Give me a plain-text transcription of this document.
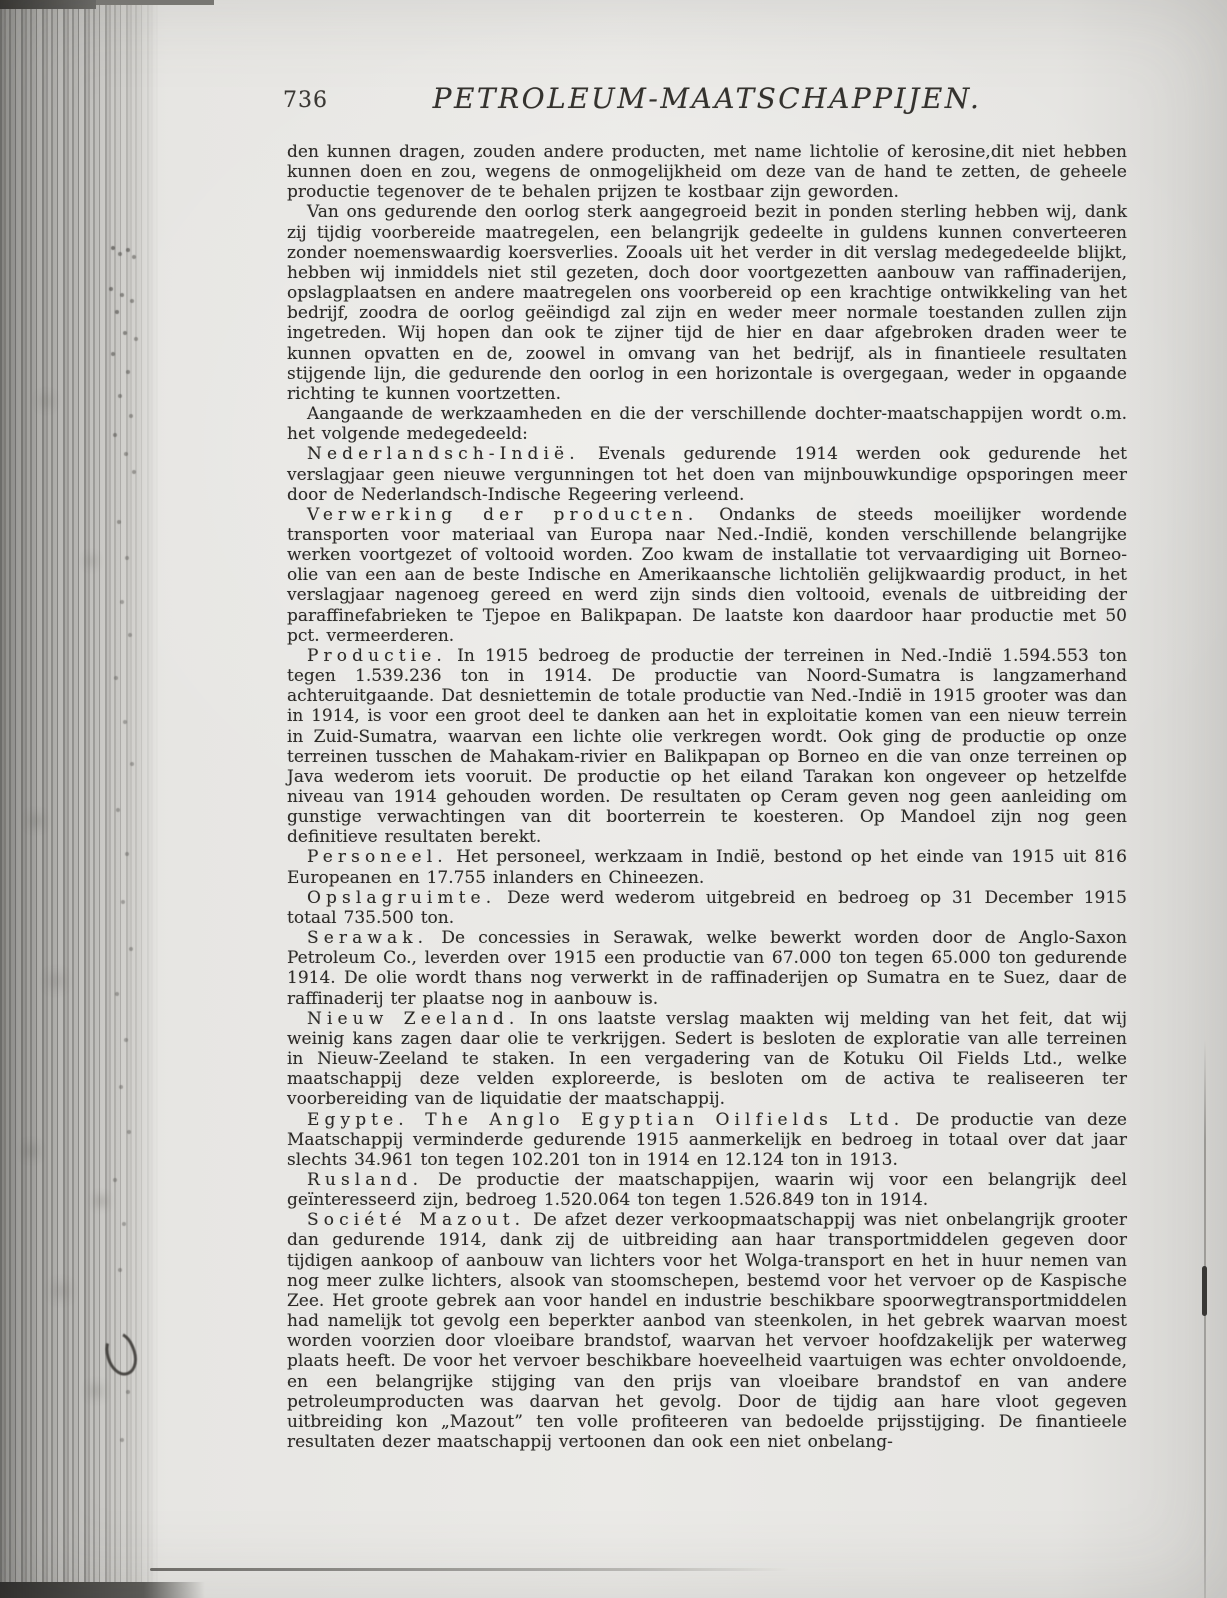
736	PETROLEUM-MAATSCHAPPIJEN.

den kunnen dragen, zouden andere producten, met name lichtolie of kerosine,dit niet hebben kunnen doen en zou, wegens de onmogelijkheid om deze van de hand te zetten, de geheele productie tegenover de te behalen prijzen te kostbaar zijn geworden.

Van ons gedurende den oorlog sterk aangegroeid bezit in ponden sterling hebben wij, dank zij tijdig voorbereide maatregelen, een belangrijk gedeelte in guldens kunnen converteeren zonder noemenswaardig koersverlies. Zooals uit het verder in dit verslag medegedeelde blijkt, hebben wij inmiddels niet stil gezeten, doch door voortgezetten aanbouw van raffinaderijen, opslagplaatsen en andere maatregelen ons voorbereid op een krachtige ontwikkeling van het bedrijf, zoodra de oorlog geëindigd zal zijn en weder meer normale toestanden zullen zijn ingetreden. Wij hopen dan ook te zijner tijd de hier en daar afgebroken draden weer te kunnen opvatten en de, zoowel in omvang van het bedrijf, als in finantieele resultaten stijgende lijn, die gedurende den oorlog in een horizontale is overgegaan, weder in opgaande richting te kunnen voortzetten.

Aangaande de werkzaamheden en die der verschillende dochter-maatschappijen wordt o.m. het volgende medegedeeld:

Nederlandsch-Indië. Evenals gedurende 1914 werden ook gedurende het verslagjaar geen nieuwe vergunningen tot het doen van mijnbouwkundige opsporingen meer door de Nederlandsch-Indische Regeering verleend.

Verwerking der producten. Ondanks de steeds moeilijker wordende transporten voor materiaal van Europa naar Ned.-Indië, konden verschillende belangrijke werken voortgezet of voltooid worden. Zoo kwam de installatie tot vervaardiging uit Borneo-olie van een aan de beste Indische en Amerikaansche lichtoliën gelijkwaardig product, in het verslagjaar nagenoeg gereed en werd zijn sinds dien voltooid, evenals de uitbreiding der paraffinefabrieken te Tjepoe en Balikpapan. De laatste kon daardoor haar productie met 50 pct. vermeerderen.

Productie. In 1915 bedroeg de productie der terreinen in Ned.-Indië 1.594.553 ton tegen 1.539.236 ton in 1914. De productie van Noord-Sumatra is langzamerhand achteruitgaande. Dat desniettemin de totale productie van Ned.-Indië in 1915 grooter was dan in 1914, is voor een groot deel te danken aan het in exploitatie komen van een nieuw terrein in Zuid-Sumatra, waarvan een lichte olie verkregen wordt. Ook ging de productie op onze terreinen tusschen de Mahakam-rivier en Balikpapan op Borneo en die van onze terreinen op Java wederom iets vooruit. De productie op het eiland Tarakan kon ongeveer op hetzelfde niveau van 1914 gehouden worden. De resultaten op Ceram geven nog geen aanleiding om gunstige verwachtingen van dit boorterrein te koesteren. Op Mandoel zijn nog geen definitieve resultaten berekt.

Personeel. Het personeel, werkzaam in Indië, bestond op het einde van 1915 uit 816 Europeanen en 17.755 inlanders en Chineezen.

Opslagruimte. Deze werd wederom uitgebreid en bedroeg op 31 December 1915 totaal 735.500 ton.

Serawak. De concessies in Serawak, welke bewerkt worden door de Anglo-Saxon Petroleum Co., leverden over 1915 een productie van 67.000 ton tegen 65.000 ton gedurende 1914. De olie wordt thans nog verwerkt in de raffinaderijen op Sumatra en te Suez, daar de raffinaderij ter plaatse nog in aanbouw is.

Nieuw Zeeland. In ons laatste verslag maakten wij melding van het feit, dat wij weinig kans zagen daar olie te verkrijgen. Sedert is besloten de exploratie van alle terreinen in Nieuw-Zeeland te staken. In een vergadering van de Kotuku Oil Fields Ltd., welke maatschappij deze velden exploreerde, is besloten om de activa te realiseeren ter voorbereiding van de liquidatie der maatschappij.

Egypte. The Anglo Egyptian Oilfields Ltd. De productie van deze Maatschappij verminderde gedurende 1915 aanmerkelijk en bedroeg in totaal over dat jaar slechts 34.961 ton tegen 102.201 ton in 1914 en 12.124 ton in 1913.

Rusland. De productie der maatschappijen, waarin wij voor een belangrijk deel geïnteresseerd zijn, bedroeg 1.520.064 ton tegen 1.526.849 ton in 1914.

Société Mazout. De afzet dezer verkoopmaatschappij was niet onbelangrijk grooter dan gedurende 1914, dank zij de uitbreiding aan haar transportmiddelen gegeven door tijdigen aankoop of aanbouw van lichters voor het Wolga-transport en het in huur nemen van nog meer zulke lichters, alsook van stoomschepen, bestemd voor het vervoer op de Kaspische Zee. Het groote gebrek aan voor handel en industrie beschikbare spoorwegtransportmiddelen had namelijk tot gevolg een beperkter aanbod van steenkolen, in het gebrek waarvan moest worden voorzien door vloeibare brandstof, waarvan het vervoer hoofdzakelijk per waterweg plaats heeft. De voor het vervoer beschikbare hoeveelheid vaartuigen was echter onvoldoende, en een belangrijke stijging van den prijs van vloeibare brandstof en van andere petroleumproducten was daarvan het gevolg. Door de tijdig aan hare vloot gegeven uitbreiding kon „Mazout” ten volle profiteeren van bedoelde prijsstijging. De finantieele resultaten dezer maatschappij vertoonen dan ook een niet onbelang-
